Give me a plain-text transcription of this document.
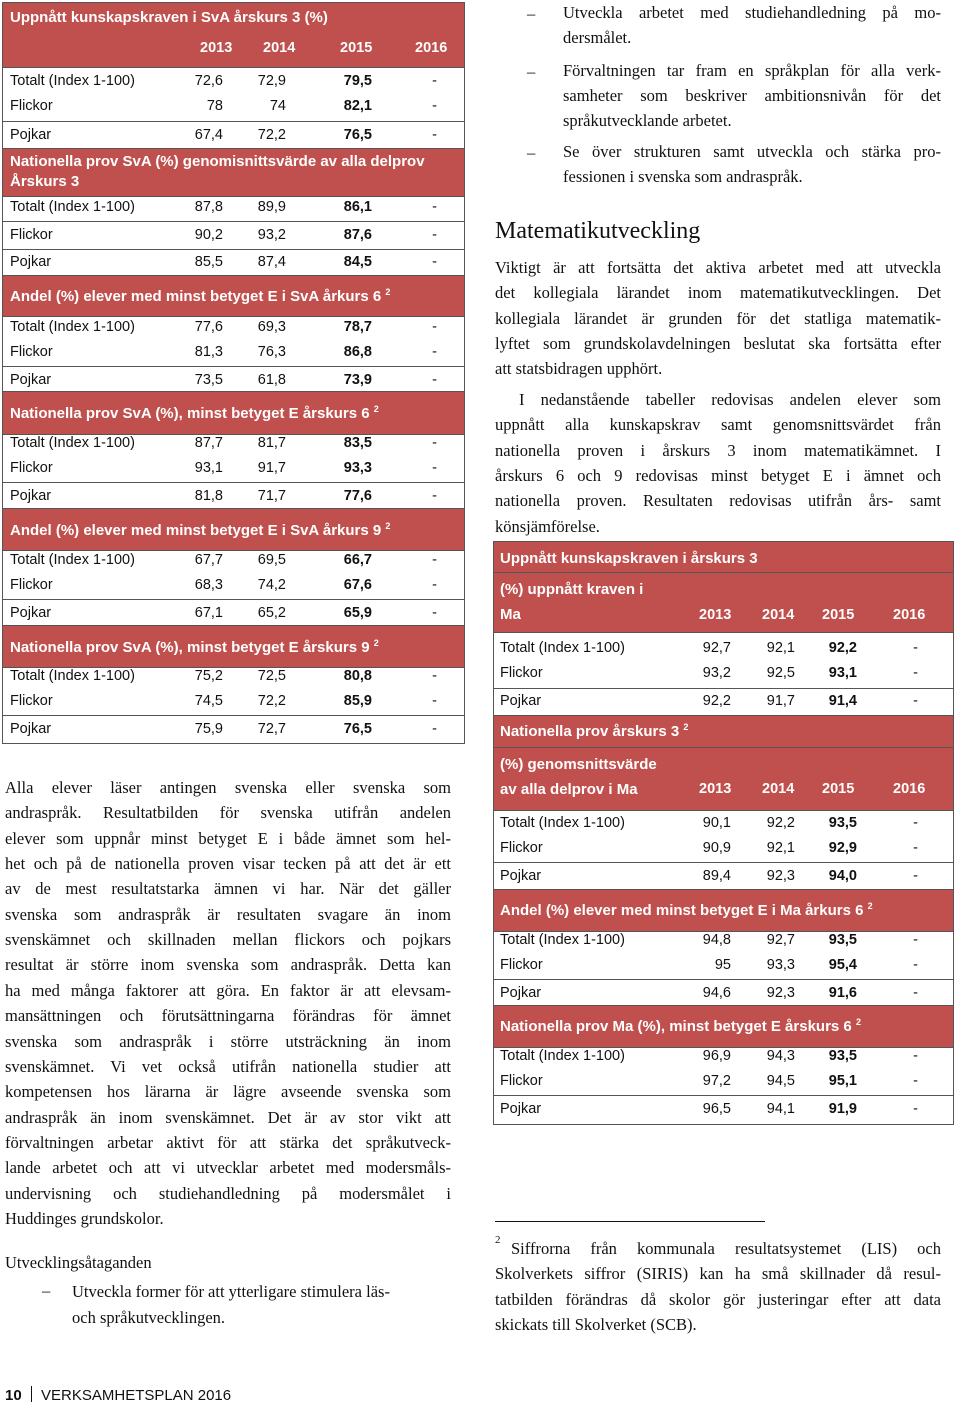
Uppnått kunskapskraven i SvA årskurs 3 (%)
2013 2014	2015	2016
Totalt (Index 1-100)	72,6	72,9	79,5	-
Flickor	78	74	82,1	-
Pojkar	67,4	72,2	76,5	-
Nationella prov SvA (%) genomisnittsvärde av alla delprov
Årskurs 3
Totalt (Index 1-100)	87,8	89,9	86,1	-
Flickor	90,2	93,2	87,6	-
Pojkar	85,5	87,4	84,5	-
Andel (%) elever med minst betyget E i SvA årkurs 6 $^2$
Totalt (Index 1-100)	77,6	69,3	78,7	-
Flickor	81,3	76,3	86,8	-
Pojkar	73,5	61,8	73,9	-
Nationella prov SvA (%), minst betyget E årskurs 6 $^2$
Totalt (Index 1-100)	87,7	81,7	83,5	-
Flickor	93,1	91,7	93,3	-
Pojkar	81,8	71,7	77,6	-
Andel (%) elever med minst betyget E i SvA årkurs 9 $^2$
Totalt (Index 1-100)	67,7	69,5	66,7	-
Flickor	68,3	74,2	67,6	-
Pojkar	67,1	65,2	65,9	-
Nationella prov SvA (%), minst betyget E årskurs 9 $^2$
Totalt (Index 1-100)	75,2	72,5	80,8	-
Flickor	74,5	72,2	85,9	-
Pojkar	75,9	72,7	76,5	-
Alla elever läser antingen svenska eller svenska som
andraspråk. Resultatbilden för svenska utifrån andelen
elever som uppnår minst betyget E i både ämnet som hel-
het och på de nationella proven visar tecken på att det är ett
av de mest resultatstarka ämnen vi har. När det gäller
svenska som andraspråk är resultaten svagare än inom
svenskämnet och skillnaden mellan flickors och pojkars
resultat är större inom svenska som andraspråk. Detta kan
ha med många faktorer att göra. En faktor är att elevsam-
mansättningen och förutsättningarna förändras för ämnet
svenska som andraspråk i större utsträckning än inom
svenskämnet. Vi vet också utifrån nationella studier att
kompetensen hos lärarna är lägre avseende svenska som
andraspråk än inom svenskämnet. Det är av stor vikt att
förvaltningen arbetar aktivt för att stärka det språkutveck-
lande arbetet och att vi utvecklar arbetet med modersmåls-
undervisning och studiehandledning på modersmålet i
Huddinges grundskolor.
Utvecklingsåtaganden
– Utveckla former för att ytterligare stimulera läs-
och språkutvecklingen.
10 VERKSAMHETSPLAN 2016
– Utveckla arbetet med studiehandledning på mo-
dersmålet.
– Förvaltningen tar fram en språkplan för alla verk-
samheter som beskriver ambitionsnivån för det
språkutvecklande arbetet.
– Se över strukturen samt utveckla och stärka pro-
fessionen i svenska som andraspråk.
Matematikutveckling
Viktigt är att fortsätta det aktiva arbetet med att utveckla
det kollegiala lärandet inom matematikutvecklingen. Det
kollegiala lärandet är grunden för det statliga matematik-
lyftet som grundskolavdelningen beslutat ska fortsätta efter
att statsbidragen upphört.
I nedanstående tabeller redovisas andelen elever som
uppnått alla kunskapskrav samt genomsnittsvärdet från
nationella proven i årskurs 3 inom matematikämnet. I
årskurs 6 och 9 redovisas minst betyget E i ämnet och
nationella proven. Resultaten redovisas utifrån års- samt
könsjämförelse.
Uppnått kunskapskraven i årskurs 3
(%) uppnått kraven i
Ma	2013 2014 2015	2016
Totalt (Index 1-100)	92,7	92,1	92,2	-
Flickor	93,2	92,5	93,1	-
Pojkar	92,2	91,7	91,4	-
Nationella prov årskurs 3 $^2$
(%) genomsnittsvärde
av alla delprov i Ma	2013 2014 2015	2016
Totalt (Index 1-100)	90,1	92,2	93,5	-
Flickor	90,9	92,1	92,9	-
Pojkar	89,4	92,3	94,0	-
Andel (%) elever med minst betyget E i Ma årkurs 6 $^2$
Totalt (Index 1-100)	94,8	92,7	93,5	-
Flickor	95	93,3	95,4	-
Pojkar	94,6	92,3	91,6	-
Nationella prov Ma (%), minst betyget E årskurs 6 $^2$
Totalt (Index 1-100)	96,9	94,3	93,5	-
Flickor	97,2	94,5	95,1	-
Pojkar	96,5	94,1	91,9	-
2 Siffrorna från kommunala resultatsystemet (LIS) och
Skolverkets siffror (SIRIS) kan ha små skillnader då resul-
tatbilden förändras då skolor gör justeringar efter att data
skickats till Skolverket (SCB).
